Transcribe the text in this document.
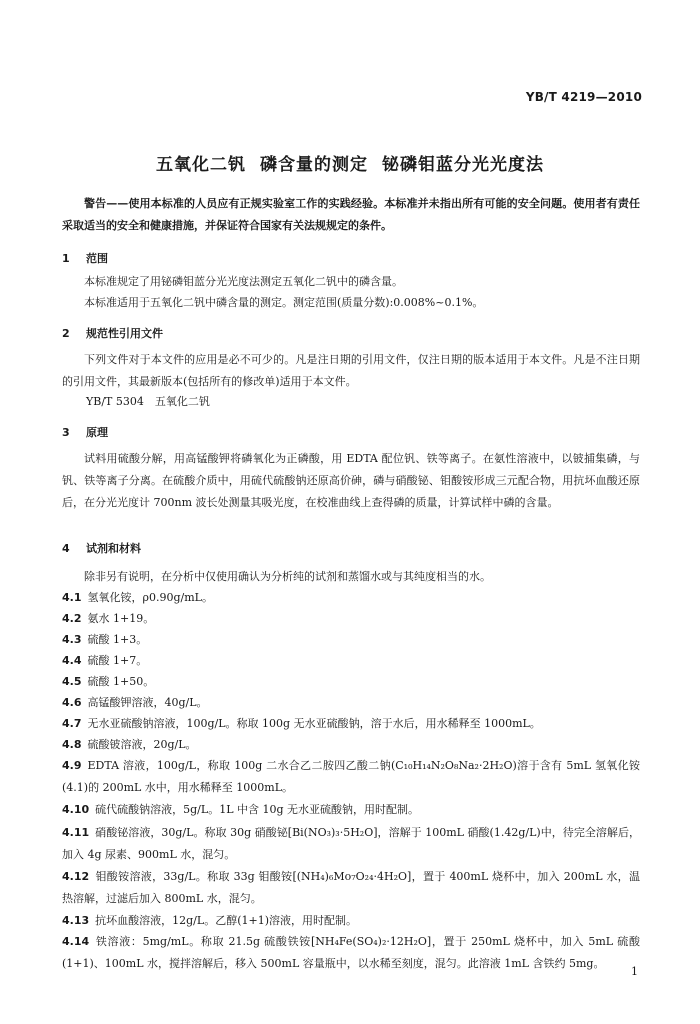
YB/T 4219—2010
五氧化二钒 磷含量的测定 铋磷钼蓝分光光度法
警告——使用本标准的人员应有正规实验室工作的实践经验。本标准并未指出所有可能的安全问题。使用者有责任采取适当的安全和健康措施，并保证符合国家有关法规规定的条件。
1 范围
本标准规定了用铋磷钼蓝分光光度法测定五氧化二钒中的磷含量。
本标准适用于五氧化二钒中磷含量的测定。测定范围(质量分数):0.008%~0.1%。
2 规范性引用文件
下列文件对于本文件的应用是必不可少的。凡是注日期的引用文件，仅注日期的版本适用于本文件。凡是不注日期的引用文件，其最新版本(包括所有的修改单)适用于本文件。
YB/T 5304　五氧化二钒
3 原理
试料用硫酸分解，用高锰酸钾将磷氧化为正磷酸，用 EDTA 配位钒、铁等离子。在氨性溶液中，以铍捕集磷，与钒、铁等离子分离。在硫酸介质中，用硫代硫酸钠还原高价砷，磷与硝酸铋、钼酸铵形成三元配合物，用抗坏血酸还原后，在分光光度计 700nm 波长处测量其吸光度，在校准曲线上查得磷的质量，计算试样中磷的含量。
4 试剂和材料
除非另有说明，在分析中仅使用确认为分析纯的试剂和蒸馏水或与其纯度相当的水。
4.1 氢氧化铵，ρ0.90g/mL。
4.2 氨水 1+19。
4.3 硫酸 1+3。
4.4 硫酸 1+7。
4.5 硫酸 1+50。
4.6 高锰酸钾溶液，40g/L。
4.7 无水亚硫酸钠溶液，100g/L。称取 100g 无水亚硫酸钠，溶于水后，用水稀释至 1000mL。
4.8 硫酸铍溶液，20g/L。
4.9 EDTA 溶液，100g/L，称取 100g 二水合乙二胺四乙酸二钠(C₁₀H₁₄N₂O₈Na₂·2H₂O)溶于含有 5mL 氢氧化铵(4.1)的 200mL 水中，用水稀释至 1000mL。
4.10 硫代硫酸钠溶液，5g/L。1L 中含 10g 无水亚硫酸钠，用时配制。
4.11 硝酸铋溶液，30g/L。称取 30g 硝酸铋[Bi(NO₃)₃·5H₂O]，溶解于 100mL 硝酸(1.42g/L)中，待完全溶解后，加入 4g 尿素、900mL 水，混匀。
4.12 钼酸铵溶液，33g/L。称取 33g 钼酸铵[(NH₄)₆Mo₇O₂₄·4H₂O]，置于 400mL 烧杯中，加入 200mL 水，温热溶解，过滤后加入 800mL 水，混匀。
4.13 抗坏血酸溶液，12g/L。乙醇(1+1)溶液，用时配制。
4.14 铁溶液：5mg/mL。称取 21.5g 硫酸铁铵[NH₄Fe(SO₄)₂·12H₂O]，置于 250mL 烧杯中，加入 5mL 硫酸(1+1)、100mL 水，搅拌溶解后，移入 500mL 容量瓶中，以水稀至刻度，混匀。此溶液 1mL 含铁约 5mg。
1
